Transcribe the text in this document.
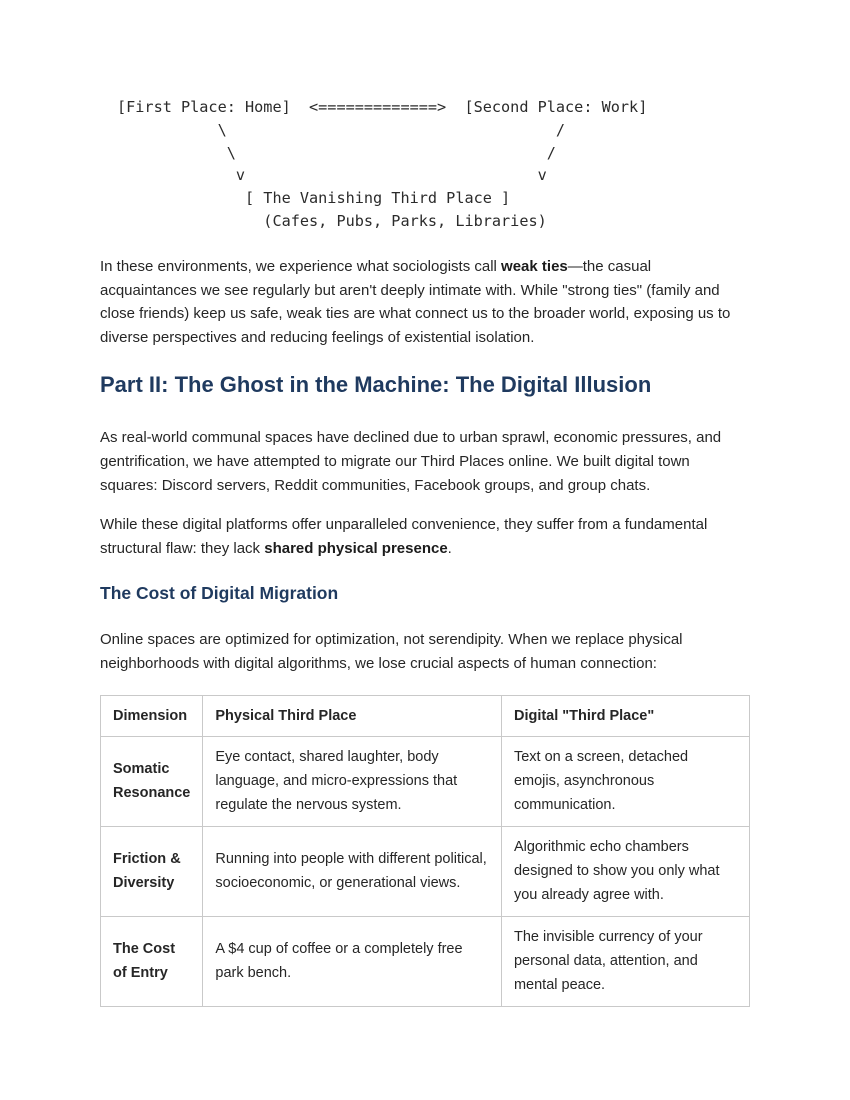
[First Place: Home]  <=============>  [Second Place: Work]
\                                    /
\                                  /
v                                v
[ The Vanishing Third Place ]
(Cafes, Pubs, Parks, Libraries)

In these environments, we experience what sociologists call weak ties—the casual acquaintances we see regularly but aren't deeply intimate with. While "strong ties" (family and close friends) keep us safe, weak ties are what connect us to the broader world, exposing us to diverse perspectives and reducing feelings of existential isolation.

Part II: The Ghost in the Machine: The Digital Illusion

As real-world communal spaces have declined due to urban sprawl, economic pressures, and gentrification, we have attempted to migrate our Third Places online. We built digital town squares: Discord servers, Reddit communities, Facebook groups, and group chats.

While these digital platforms offer unparalleled convenience, they suffer from a fundamental structural flaw: they lack shared physical presence.

The Cost of Digital Migration

Online spaces are optimized for optimization, not serendipity. When we replace physical neighborhoods with digital algorithms, we lose crucial aspects of human connection:

Dimension	Physical Third Place	Digital "Third Place"
Somatic Resonance	Eye contact, shared laughter, body language, and micro-expressions that regulate the nervous system.	Text on a screen, detached emojis, asynchronous communication.
Friction & Diversity	Running into people with different political, socioeconomic, or generational views.	Algorithmic echo chambers designed to show you only what you already agree with.
The Cost of Entry	A $4 cup of coffee or a completely free park bench.	The invisible currency of your personal data, attention, and mental peace.
